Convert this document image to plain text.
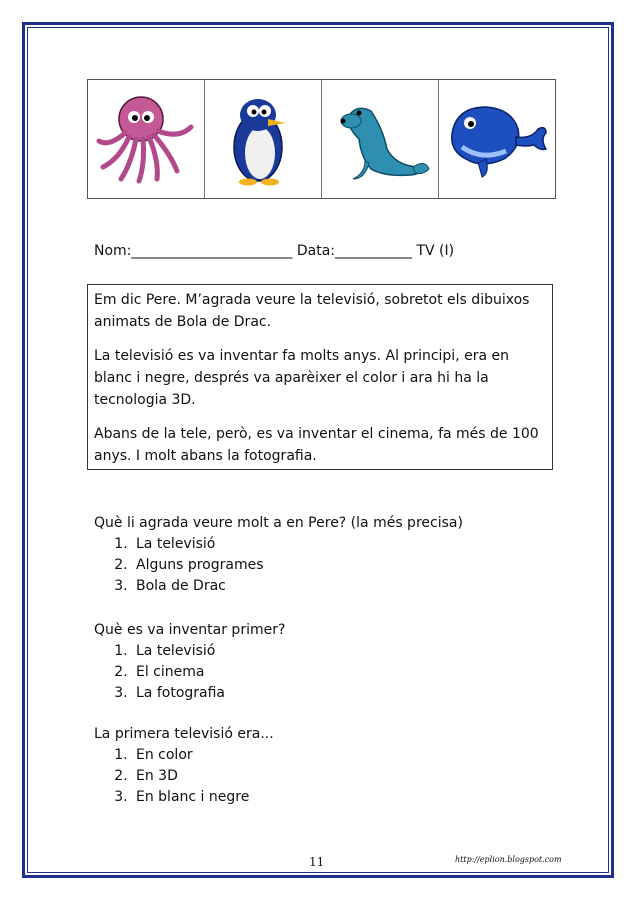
Nom:_______________________ Data:___________ TV (I)

Em dic Pere. M’agrada veure la televisió, sobretot els dibuixos animats de Bola de Drac.

La televisió es va inventar fa molts anys. Al principi, era en blanc i negre, després va aparèixer el color i ara hi ha la tecnologia 3D.

Abans de la tele, però, es va inventar el cinema, fa més de 100 anys. I molt abans la fotografia.

Què li agrada veure molt a en Pere? (la més precisa)

1. La televisió
2. Alguns programes
3. Bola de Drac

Què es va inventar primer?

1. La televisió
2. El cinema
3. La fotografia

La primera televisió era...

1. En color
2. En 3D
3. En blanc i negre
11	http://eplion.blogspot.com
